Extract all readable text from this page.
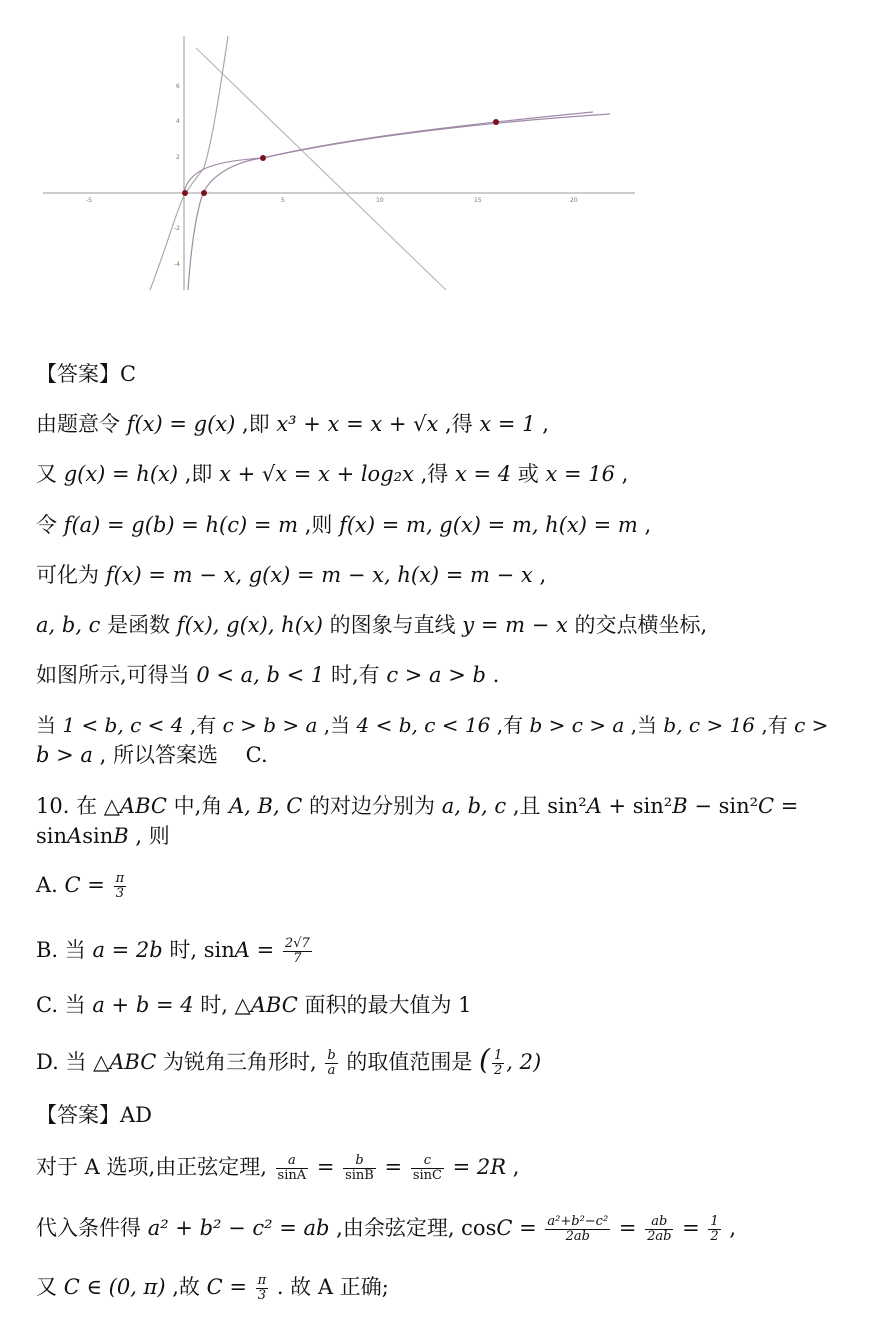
-5	5	10	15	20
6
4
2
-2
-4
【答案】C
由题意令 f(x) = g(x) ,即 x³ + x = x + √x ,得 x = 1 ,
又 g(x) = h(x) ,即 x + √x = x + log₂x ,得 x = 4 或 x = 16 ,
令 f(a) = g(b) = h(c) = m ,则 f(x) = m, g(x) = m, h(x) = m ,
可化为 f(x) = m − x, g(x) = m − x, h(x) = m − x ,
a, b, c 是函数 f(x), g(x), h(x) 的图象与直线 y = m − x 的交点横坐标,
如图所示,可得当 0 < a, b < 1 时,有 c > a > b .
当 1 < b, c < 4 ,有 c > b > a ,当 4 < b, c < 16 ,有 b > c > a ,当 b, c > 16 ,有 c >
b > a , 所以答案选 　C.
10. 在 △ABC 中,角 A, B, C 的对边分别为 a, b, c ,且 sin²A + sin²B − sin²C =
sinAsinB , 则
A. $C = \frac{\pi}{3}$
B. 当 a = 2b 时, $\sin A = \frac{2√7}{7}$
C. 当 a + b = 4 时, △ABC 面积的最大值为 1
D. 当 △ABC 为锐角三角形时, $\frac{b}{a}$ 的取值范围是 ( $\frac{1}{2}$ , 2)
【答案】AD
对于 A 选项,由正弦定理, $\frac{a}{\sin A} = \frac{b}{\sin B} = \frac{c}{\sin C} = 2R$ ,
代入条件得 a² + b² − c² = ab ,由余弦定理, $\cos C = \frac{\text{a²+b²−c²}}{2ab} = \frac{ab}{2ab} = \frac{1}{2}$ ,
又 C ∈ (0, π) ,故 $C = \frac{\pi}{3}$ . 故 A 正确;
